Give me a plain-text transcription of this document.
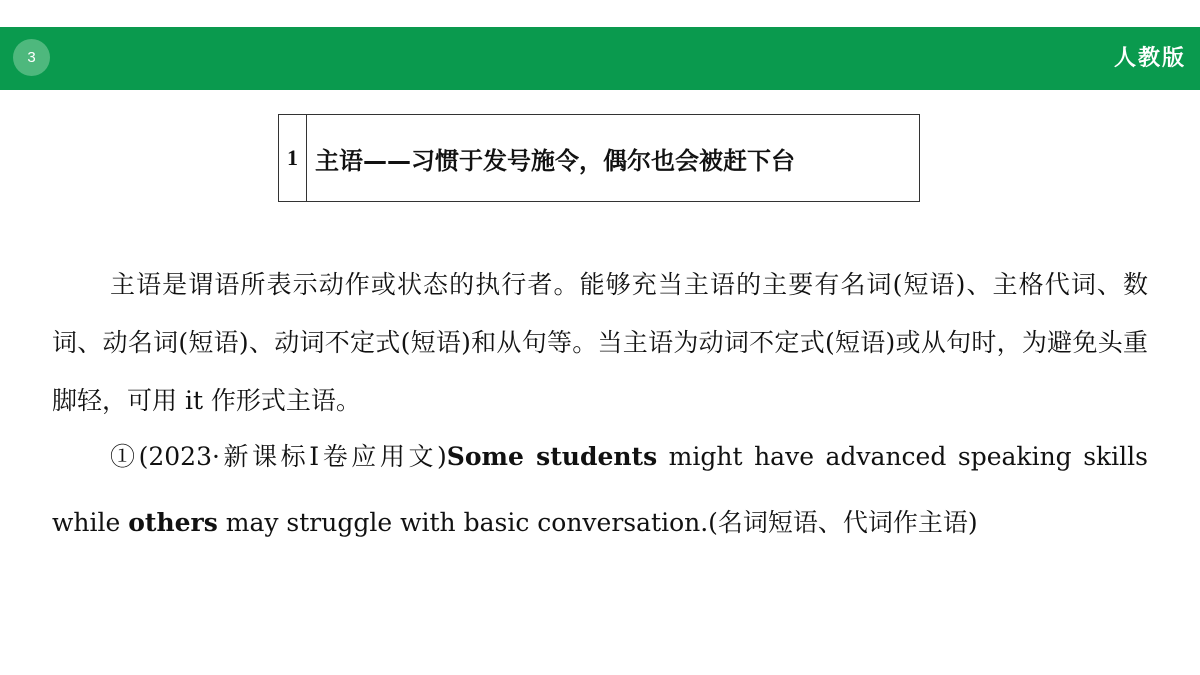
3	人教版
1 主语——习惯于发号施令，偶尔也会被赶下台

主语是谓语所表示动作或状态的执行者。能够充当主语的主要有名词(短语)、主格代词、数词、动名词(短语)、动词不定式(短语)和从句等。当主语为动词不定式(短语)或从句时，为避免头重脚轻，可用 it 作形式主语。

①(2023·新课标Ⅰ卷应用文)Some students might have advanced speaking skills while others may struggle with basic conversation.(名词短语、代词作主语)
